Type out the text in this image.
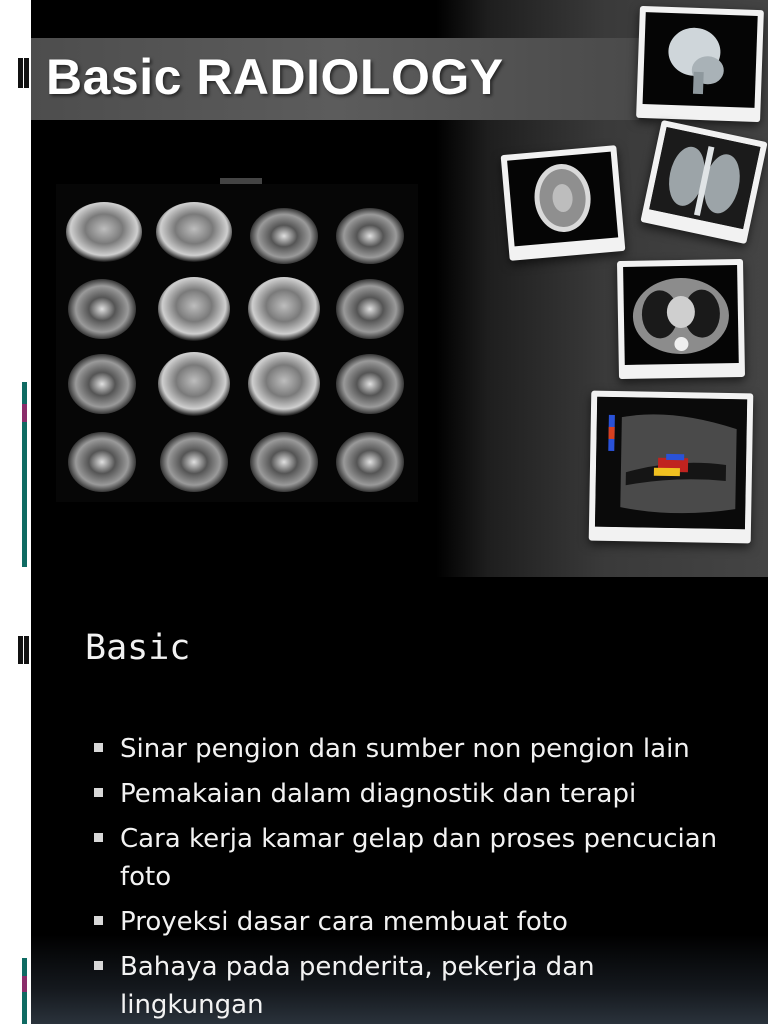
Basic RADIOLOGY
Basic
Sinar pengion dan sumber non pengion lain
Pemakaian dalam diagnostik dan terapi
Cara kerja kamar gelap dan proses pencucian foto
Proyeksi dasar cara membuat foto
Bahaya pada penderita, pekerja dan lingkungan
